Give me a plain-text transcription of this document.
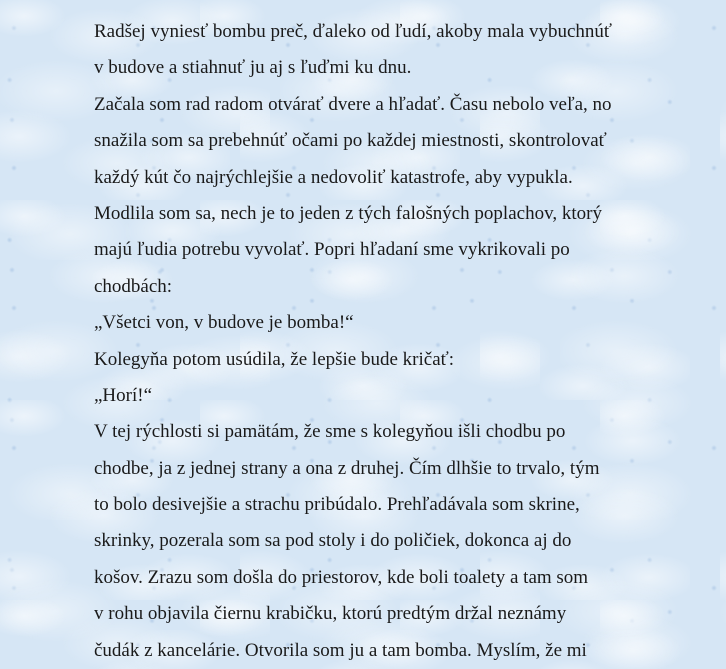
Radšej vyniesť bombu preč, ďaleko od ľudí, akoby mala vybuchnúť
v budove a stiahnuť ju aj s ľuďmi ku dnu.
Začala som rad radom otvárať dvere a hľadať. Času nebolo veľa, no
snažila som sa prebehnúť očami po každej miestnosti, skontrolovať
každý kút čo najrýchlejšie a nedovoliť katastrofe, aby vypukla.
Modlila som sa, nech je to jeden z tých falošných poplachov, ktorý
majú ľudia potrebu vyvolať. Popri hľadaní sme vykrikovali po
chodbách:
„Všetci von, v budove je bomba!“
Kolegyňa potom usúdila, že lepšie bude kričať:
„Horí!“
V tej rýchlosti si pamätám, že sme s kolegyňou išli chodbu po
chodbe, ja z jednej strany a ona z druhej. Čím dlhšie to trvalo, tým
to bolo desivejšie a strachu pribúdalo. Prehľadávala som skrine,
skrinky, pozerala som sa pod stoly i do poličiek, dokonca aj do
košov. Zrazu som došla do priestorov, kde boli toalety a tam som
v rohu objavila čiernu krabičku, ktorú predtým držal neznámy
čudák z kancelárie. Otvorila som ju a tam bomba. Myslím, že mi
